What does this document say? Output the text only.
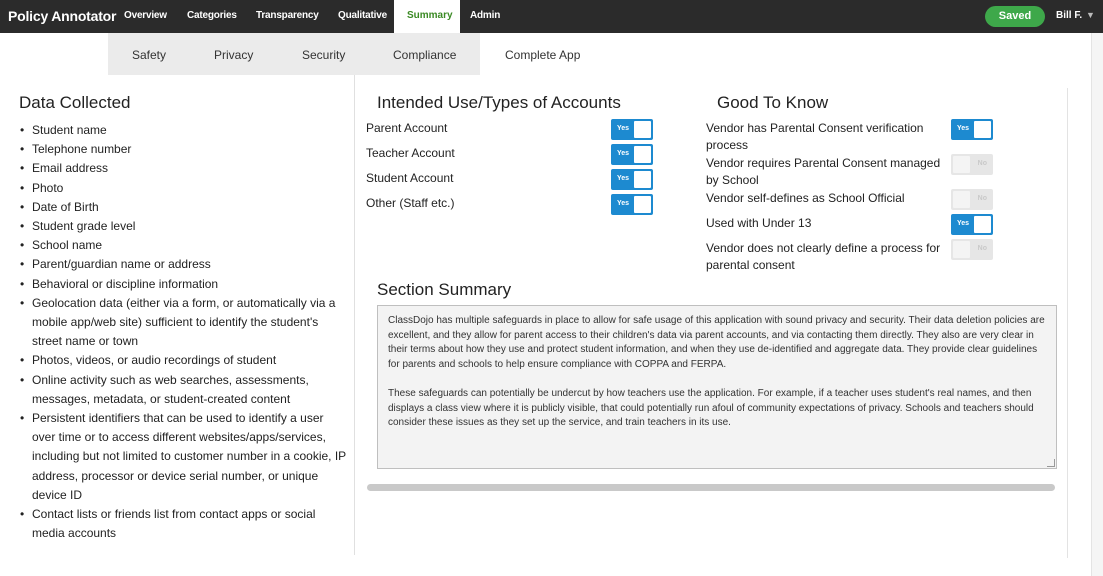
Policy Annotator Overview Categories Transparency Qualitative Summary Admin	Saved	Bill F. ▼
Safety	Privacy	Security	Compliance	Complete App
Data Collected
• Student name
• Telephone number
• Email address
• Photo
• Date of Birth
• Student grade level
• School name
• Parent/guardian name or address
• Behavioral or discipline information
• Geolocation data (either via a form, or automatically via a mobile app/web site) sufficient to identify the student's street name or town
• Photos, videos, or audio recordings of student
• Online activity such as web searches, assessments, messages, metadata, or student-created content
• Persistent identifiers that can be used to identify a user over time or to access different websites/apps/services, including but not limited to customer number in a cookie, IP address, processor or device serial number, or unique device ID
• Contact lists or friends list from contact apps or social media accounts
Intended Use/Types of Accounts
Parent Account	Yes
Teacher Account	Yes
Student Account	Yes
Other (Staff etc.)	Yes
Good To Know
Vendor has Parental Consent verification process
Yes
Vendor requires Parental Consent managed by School
No
Vendor self-defines as School Official	No
Used with Under 13	Yes
Vendor does not clearly define a process for parental consent
No
Section Summary

ClassDojo has multiple safeguards in place to allow for safe usage of this application with sound privacy and security. Their data deletion policies are excellent, and they allow for parent access to their children's data via parent accounts, and via contacting them directly. They also are very clear in their terms about how they use and protect student information, and when they use de-identified and aggregate data. They provide clear guidelines for parents and schools to help ensure compliance with COPPA and FERPA.

These safeguards can potentially be undercut by how teachers use the application. For example, if a teacher uses student's real names, and then displays a class view where it is publicly visible, that could potentially run afoul of community expectations of privacy. Schools and teachers should consider these issues as they set up the service, and train teachers in its use.
